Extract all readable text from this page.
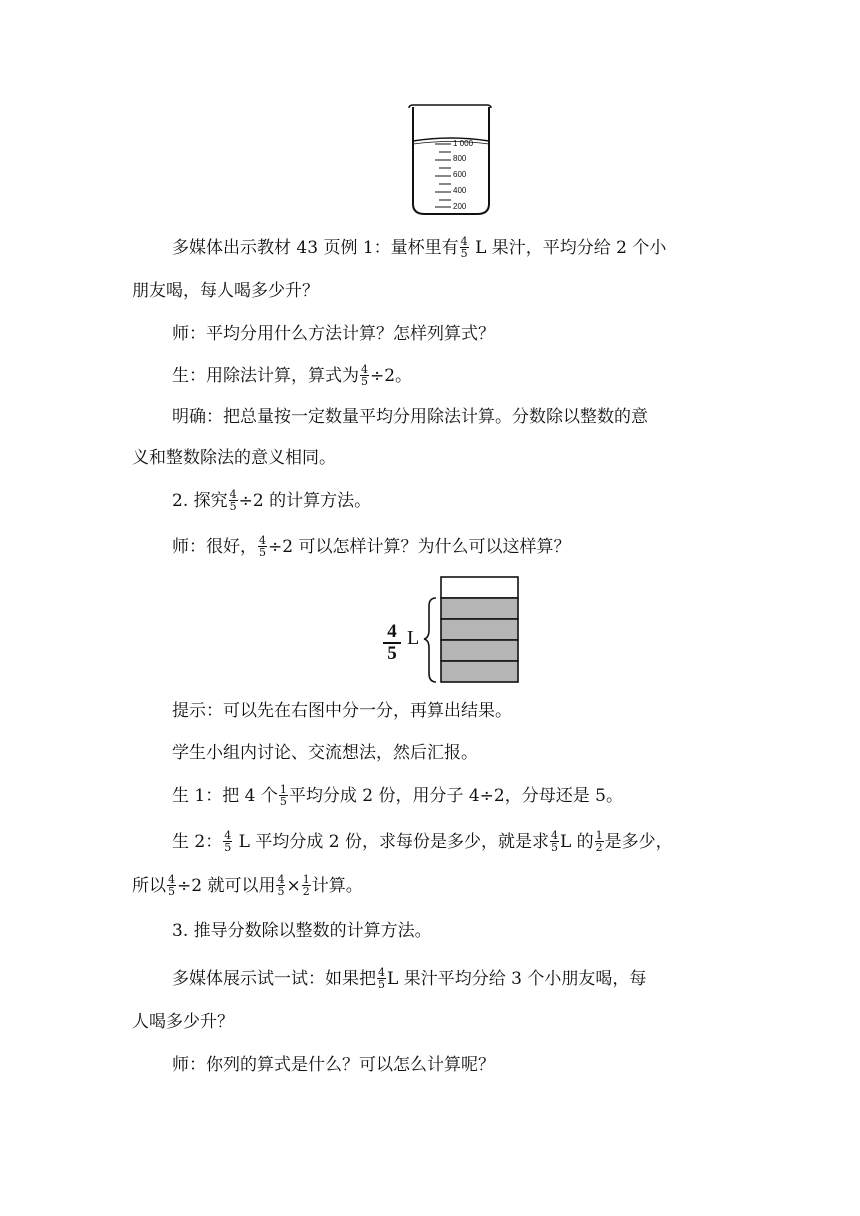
1 000
800
600
400
200
多媒体出示教材 43 页例 1：量杯里有 $\frac{4}{5}$ L 果汁，平均分给 2 个小
朋友喝，每人喝多少升？
师：平均分用什么方法计算？怎样列算式？
生：用除法计算，算式为 $\frac{4}{5} \div 2$。
明确：把总量按一定数量平均分用除法计算。分数除以整数的意
义和整数除法的意义相同。
2. 探究 $\frac{4}{5} \div 2$ 的计算方法。
师：很好， $\frac{4}{5} \div 2$ 可以怎样计算？为什么可以这样算？
4
5
L
提示：可以先在右图中分一分，再算出结果。
学生小组内讨论、交流想法，然后汇报。
生 1：把 4 个 $\frac{1}{5}$ 平均分成 2 份，用分子 4÷2，分母还是 5。
生 2： $\frac{4}{5}$ L 平均分成 2 份，求每份是多少，就是求 $\frac{4}{5}$ L 的 $\frac{1}{2}$ 是多少，
所以 $\frac{4}{5} \div 2$ 就可以用 $\frac{4}{5} \times \frac{1}{2}$ 计算。
3. 推导分数除以整数的计算方法。
多媒体展示试一试：如果把 $\frac{4}{5}$ L 果汁平均分给 3 个小朋友喝，每
人喝多少升？
师：你列的算式是什么？可以怎么计算呢？
